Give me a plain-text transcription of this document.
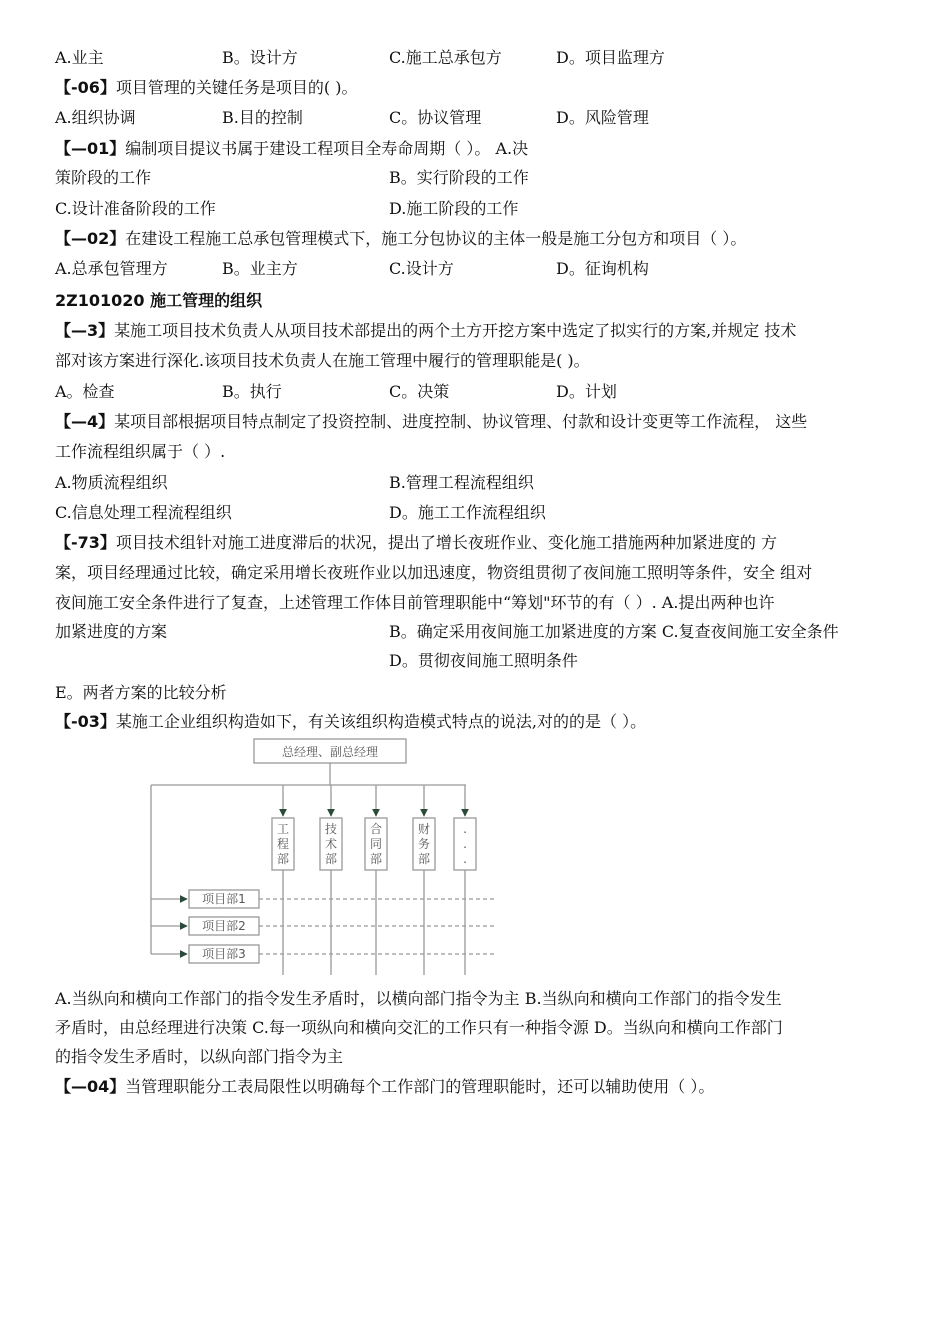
A.业主	B。设计方	C.施工总承包方	D。项目监理方
【-06】项目管理的关键任务是项目的( )。
A.组织协调	B.目的控制	C。协议管理	D。风险管理
【—01】编制项目提议书属于建设工程项目全寿命周期（ ）。 A.决
策阶段的工作	B。实行阶段的工作
C.设计准备阶段的工作	D.施工阶段的工作
【—02】在建设工程施工总承包管理模式下，施工分包协议的主体一般是施工分包方和项目（ ）。
A.总承包管理方	B。业主方	C.设计方	D。征询机构
2Z101020 施工管理的组织
【—3】某施工项目技术负责人从项目技术部提出的两个土方开挖方案中选定了拟实行的方案,并规定 技术
部对该方案进行深化.该项目技术负责人在施工管理中履行的管理职能是( )。
A。检查	B。执行	C。决策	D。计划
【—4】某项目部根据项目特点制定了投资控制、进度控制、协议管理、付款和设计变更等工作流程， 这些
工作流程组织属于（ ）.
A.物质流程组织	B.管理工程流程组织
C.信息处理工程流程组织	D。施工工作流程组织
【-73】项目技术组针对施工进度滞后的状况，提出了增长夜班作业、变化施工措施两种加紧进度的 方
案，项目经理通过比较，确定采用增长夜班作业以加迅速度，物资组贯彻了夜间施工照明等条件，安全 组对
夜间施工安全条件进行了复查，上述管理工作体目前管理职能中“筹划"环节的有（ ）. A.提出两种也许
加紧进度的方案	B。确定采用夜间施工加紧进度的方案 C.复查夜间施工安全条件
D。贯彻夜间施工照明条件
E。两者方案的比较分析
【-03】某施工企业组织构造如下，有关该组织构造模式特点的说法,对的的是（ ）。
总经理、副总经理
项目部1
项目部2
项目部3
工
程
部
技
术
部
合
同
部
财
务
部
.
.
.
A.当纵向和横向工作部门的指令发生矛盾时，以横向部门指令为主 B.当纵向和横向工作部门的指令发生
矛盾时，由总经理进行决策 C.每一项纵向和横向交汇的工作只有一种指令源 D。当纵向和横向工作部门
的指令发生矛盾时，以纵向部门指令为主
【—04】当管理职能分工表局限性以明确每个工作部门的管理职能时，还可以辅助使用（ ）。
